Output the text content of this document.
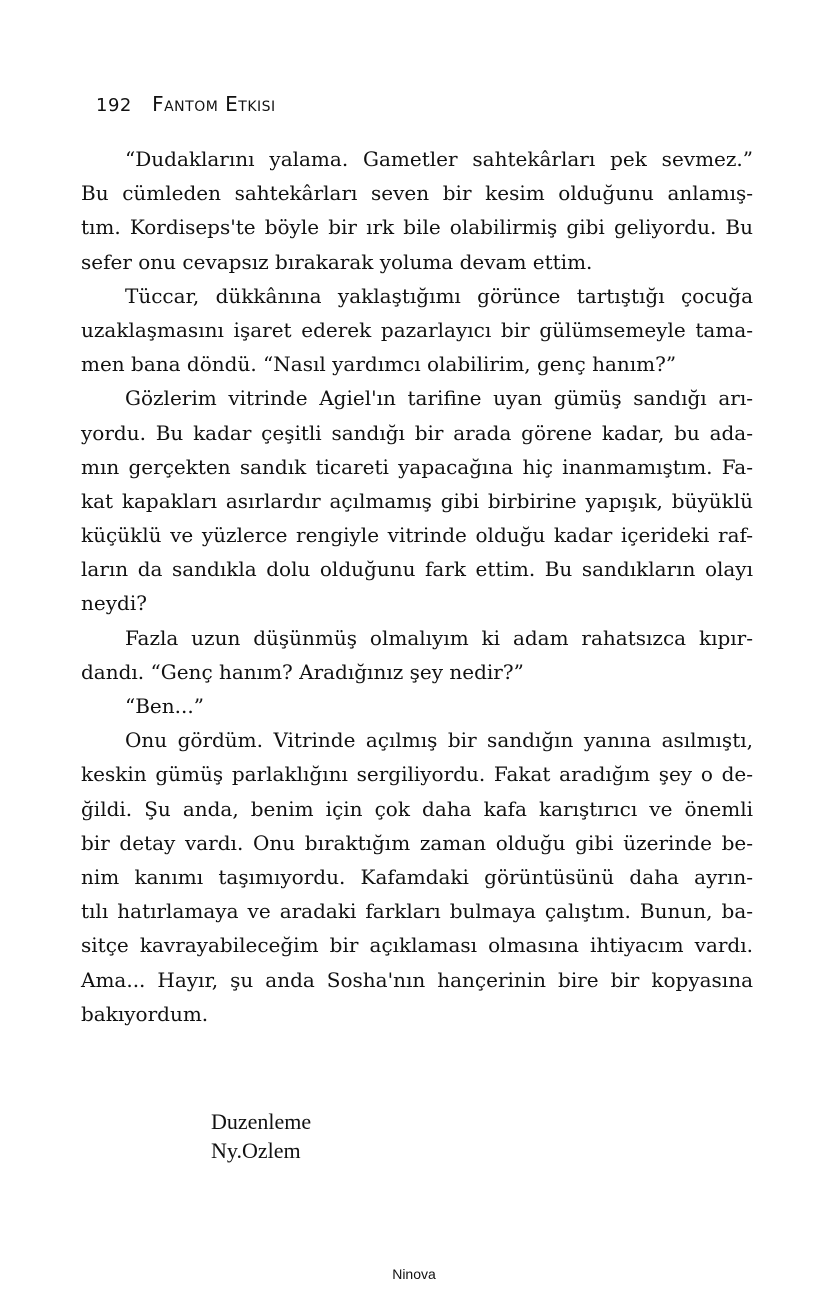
192 Fantom Etkisi
“Dudaklarını yalama. Gametler sahtekârları pek sevmez.”
Bu cümleden sahtekârları seven bir kesim olduğunu anlamış-
tım. Kordiseps'te böyle bir ırk bile olabilirmiş gibi geliyordu. Bu
sefer onu cevapsız bırakarak yoluma devam ettim.
Tüccar, dükkânına yaklaştığımı görünce tartıştığı çocuğa
uzaklaşmasını işaret ederek pazarlayıcı bir gülümsemeyle tama-
men bana döndü. “Nasıl yardımcı olabilirim, genç hanım?”
Gözlerim vitrinde Agiel'ın tarifine uyan gümüş sandığı arı-
yordu. Bu kadar çeşitli sandığı bir arada görene kadar, bu ada-
mın gerçekten sandık ticareti yapacağına hiç inanmamıştım. Fa-
kat kapakları asırlardır açılmamış gibi birbirine yapışık, büyüklü
küçüklü ve yüzlerce rengiyle vitrinde olduğu kadar içerideki raf-
ların da sandıkla dolu olduğunu fark ettim. Bu sandıkların olayı
neydi?
Fazla uzun düşünmüş olmalıyım ki adam rahatsızca kıpır-
dandı. “Genç hanım? Aradığınız şey nedir?”
“Ben...”
Onu gördüm. Vitrinde açılmış bir sandığın yanına asılmıştı,
keskin gümüş parlaklığını sergiliyordu. Fakat aradığım şey o de-
ğildi. Şu anda, benim için çok daha kafa karıştırıcı ve önemli
bir detay vardı. Onu bıraktığım zaman olduğu gibi üzerinde be-
nim kanımı taşımıyordu. Kafamdaki görüntüsünü daha ayrın-
tılı hatırlamaya ve aradaki farkları bulmaya çalıştım. Bunun, ba-
sitçe kavrayabileceğim bir açıklaması olmasına ihtiyacım vardı.
Ama... Hayır, şu anda Sosha'nın hançerinin bire bir kopyasına
bakıyordum.
Duzenleme
Ny.Ozlem
Ninova
